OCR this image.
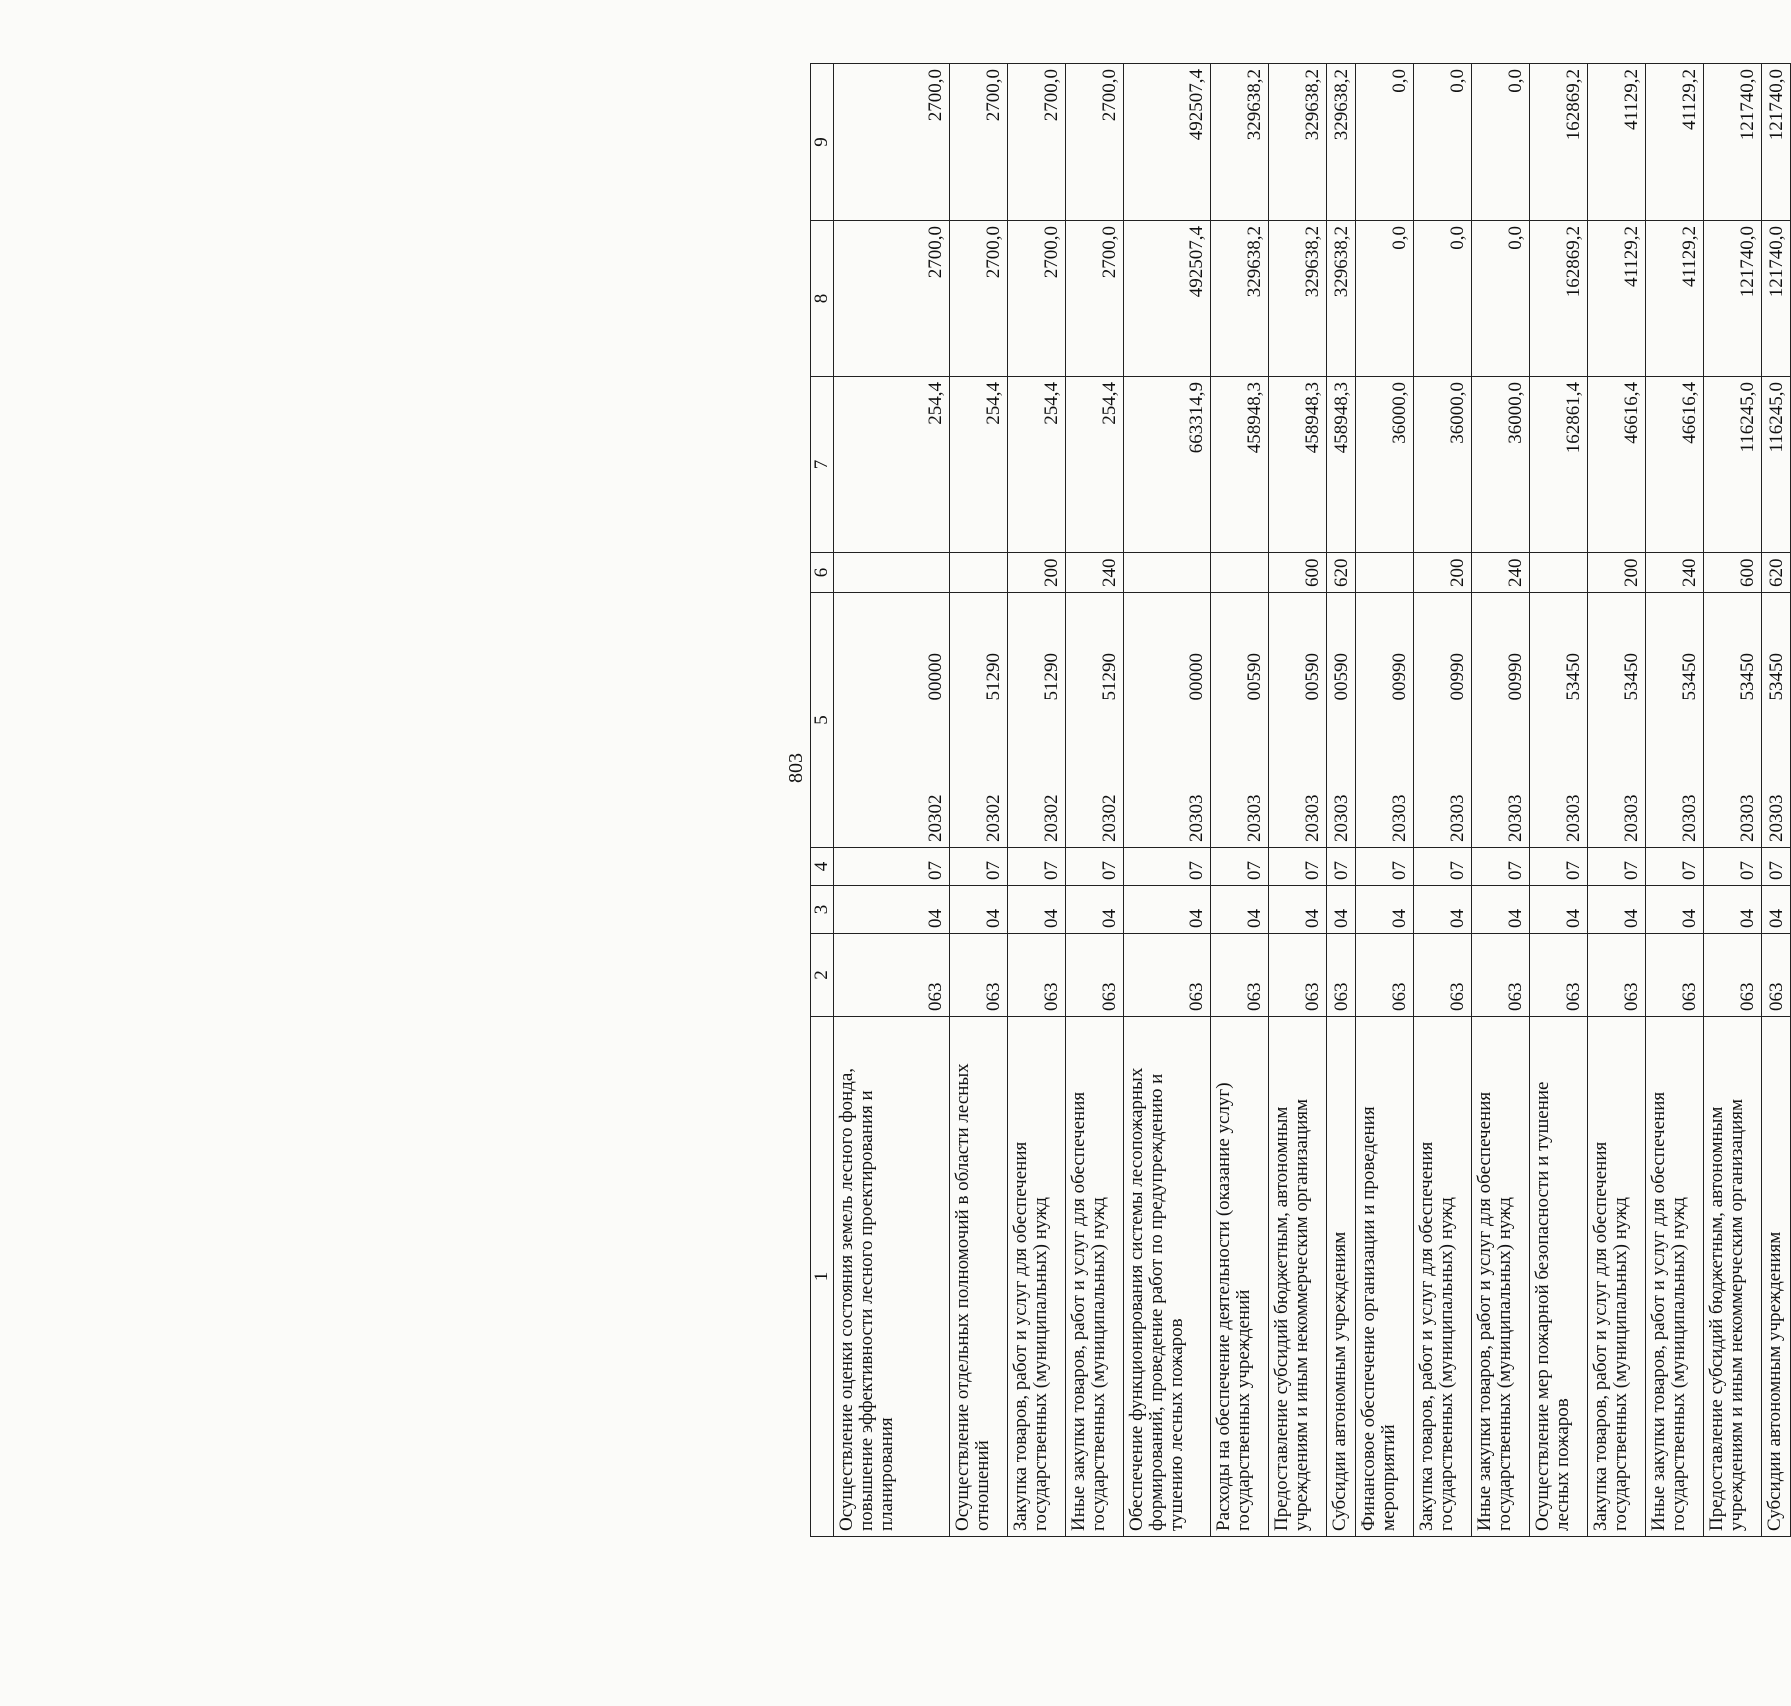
803
1	2	3	4	5	6	7	8	9
Осуществление оценки состояния земель лесного фонда, повышение эффективности лесного проектирования и планирования	063	04	07	2030200000		254,4	2700,0	2700,0
Осуществление отдельных полномочий в области лесных отношений	063	04	07	2030251290		254,4	2700,0	2700,0
Закупка товаров, работ и услуг для обеспечения государственных (муниципальных) нужд	063	04	07	2030251290	200	254,4	2700,0	2700,0
Иные закупки товаров, работ и услуг для обеспечения государственных (муниципальных) нужд	063	04	07	2030251290	240	254,4	2700,0	2700,0
Обеспечение функционирования системы лесопожарных формирований, проведение работ по предупреждению и тушению лесных пожаров	063	04	07	2030300000		663314,9	492507,4	492507,4
Расходы на обеспечение деятельности (оказание услуг) государственных учреждений	063	04	07	2030300590		458948,3	329638,2	329638,2
Предоставление субсидий бюджетным, автономным учреждениям и иным некоммерческим организациям	063	04	07	2030300590	600	458948,3	329638,2	329638,2
Субсидии автономным учреждениям	063	04	07	2030300590	620	458948,3	329638,2	329638,2
Финансовое обеспечение организации и проведения мероприятий	063	04	07	2030300990		36000,0	0,0	0,0
Закупка товаров, работ и услуг для обеспечения государственных (муниципальных) нужд	063	04	07	2030300990	200	36000,0	0,0	0,0
Иные закупки товаров, работ и услуг для обеспечения государственных (муниципальных) нужд	063	04	07	2030300990	240	36000,0	0,0	0,0
Осуществление мер пожарной безопасности и тушение лесных пожаров	063	04	07	2030353450		162861,4	162869,2	162869,2
Закупка товаров, работ и услуг для обеспечения государственных (муниципальных) нужд	063	04	07	2030353450	200	46616,4	41129,2	41129,2
Иные закупки товаров, работ и услуг для обеспечения государственных (муниципальных) нужд	063	04	07	2030353450	240	46616,4	41129,2	41129,2
Предоставление субсидий бюджетным, автономным учреждениям и иным некоммерческим организациям	063	04	07	2030353450	600	116245,0	121740,0	121740,0
Субсидии автономным учреждениям	063	04	07	2030353450	620	116245,0	121740,0	121740,0
